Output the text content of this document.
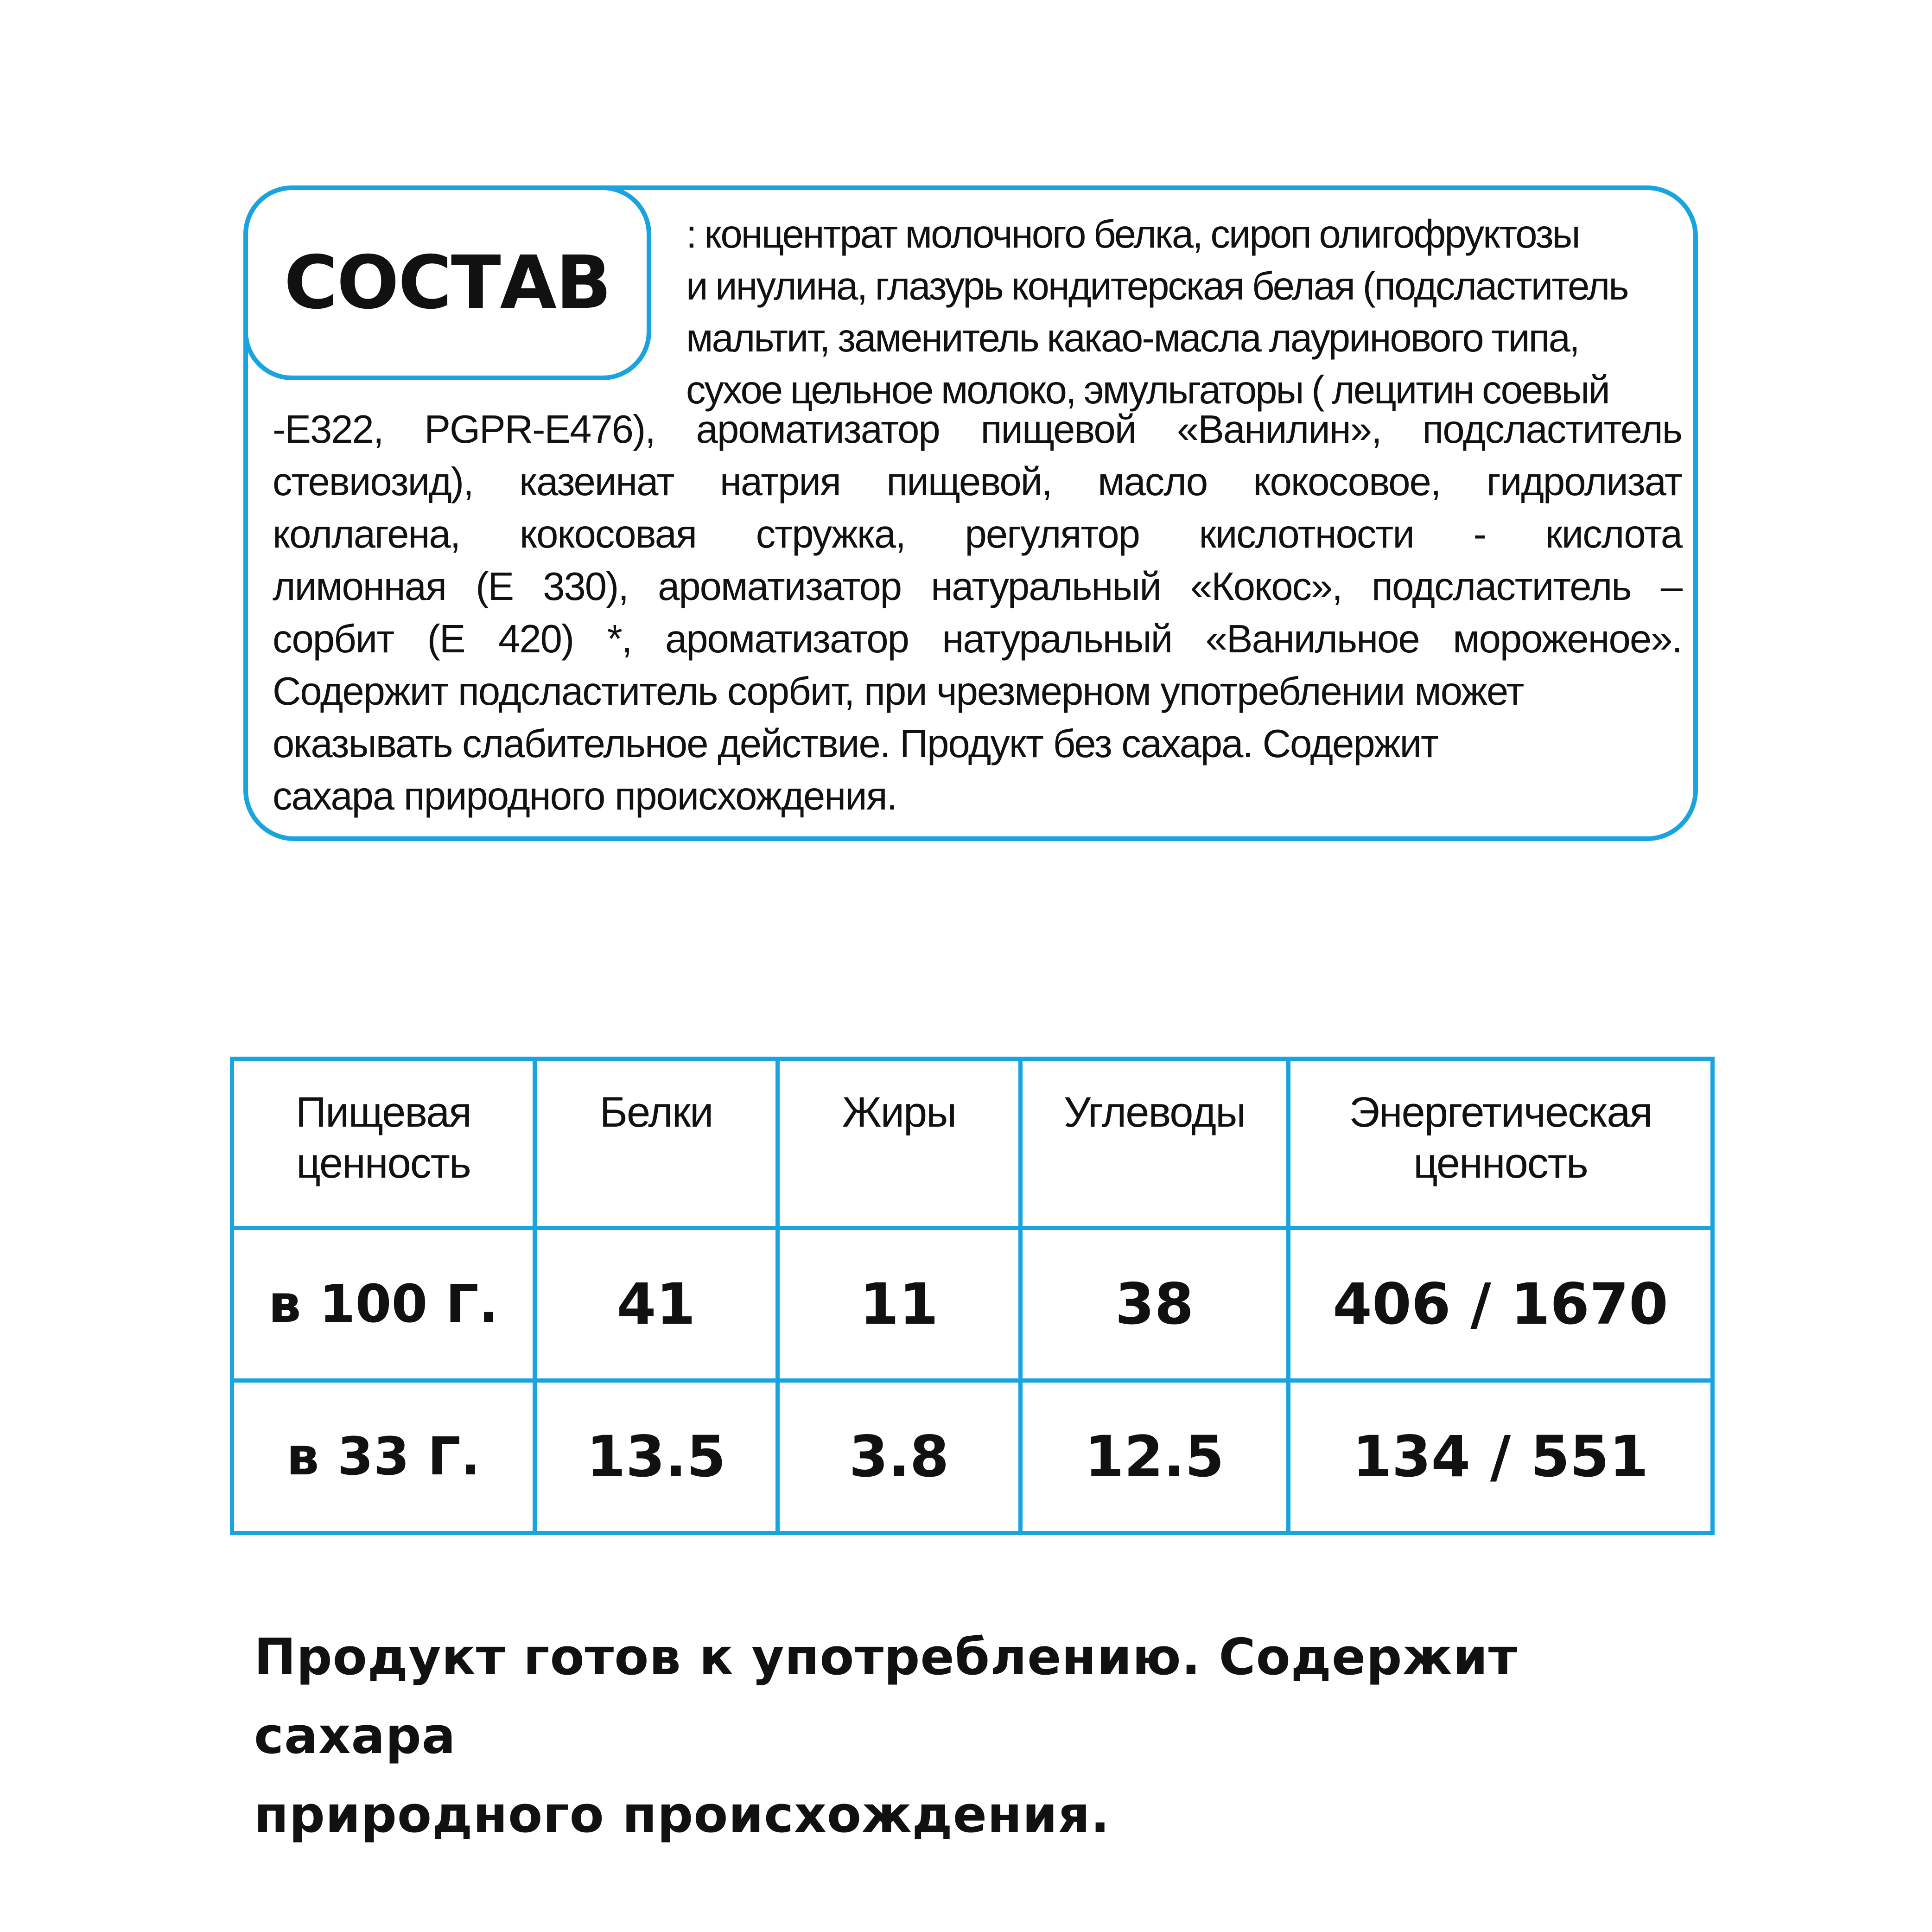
СОСТАВ
: концентрат молочного белка, сироп олигофруктозы
и инулина, глазурь кондитерская белая (подсластитель
мальтит, заменитель какао-масла лауринового типа,
сухое цельное молоко, эмульгаторы ( лецитин соевый
-Е322, PGPR-Е476), ароматизатор пищевой «Ванилин», подсластитель
стевиозид), казеинат натрия пищевой, масло кокосовое, гидролизат
коллагена, кокосовая стружка, регулятор кислотности - кислота
лимонная (Е 330), ароматизатор натуральный «Кокос», подсластитель –
сорбит (Е 420) *, ароматизатор натуральный «Ванильное мороженое».
Содержит подсластитель сорбит, при чрезмерном употреблении может
оказывать слабительное действие. Продукт без сахара. Содержит
сахара природного происхождения.
Пищевая ценность	Белки	Жиры	Углеводы	Энергетическая ценность
в 100 Г.	41	11	38	406 / 1670
в 33 Г.	13.5	3.8	12.5	134 / 551
Продукт готов к употреблению. Содержит сахара
природного происхождения.
